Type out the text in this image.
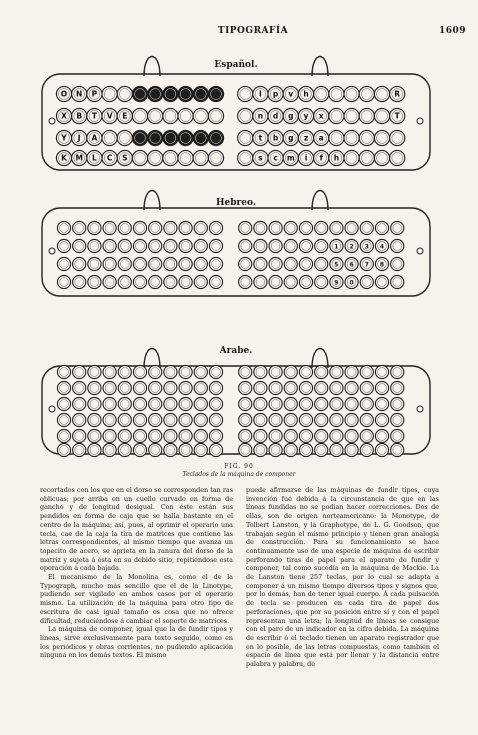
TIPOGRAFÍA	1609
O N P	I p v h	R
X B T V E	n d g y x	T
Y J A	t b g z a
K M L C S	s c m i f h
1 2 3 4
5 6 7 8
9 0
Español.
Hebreo.
Arabe.
FIG. 90
Teclados de la máquina de componer

recortados con los que en el dorso se corresponden tan ras oblicuas; por arriba en un cuello curvado en forma de gancho y de longitud desigual. Con éste están sus pendidos en forma de caja que se halla bastante en el centro de la máquina; así, pues, al oprimir el operario una tecla, cae de la caja la tira de matrices que contiene las letras correspondientes, al mismo tiempo que avanza un topecito de acero, se aprieta en la ranura del dorso de la matriz y sujeta á ésta en su debido sitio, repitiéndose esta operación á cada bajada.

El mecanismo de la Monolina es, como el de la Typograph, mucho más sencillo que el de la Linotype, pudiendo ser vigilado en ambos casos por el operario mismo. La utilización de la máquina para otro tipo de escritura de casi igual tamaño es cosa que no ofrece dificultad, reduciéndose á cambiar el soporte de matrices.

La máquina de componer, igual que la de fundir tipos y líneas, sirve exclusivamente para texto seguido, como en los periódicos y obras corrientes, no pudiendo aplicación ninguna en los demás textos. El mismo

puede afirmarse de las máquinas de fundir tipos, cuya invención fué debida á la circunstancia de que en las líneas fundidas no se podían hacer correcciones. Dos de ellas, son de origen norteamericano: la Monotype, de Tolbert Lanston, y la Graphotype, de L. G. Goodson, que trabajan según el mismo principio y tienen gran analogía de construcción. Para su funcionamiento se hace continuamente uso de una especie de máquina de escribir perforando tiras de papel para el aparato de fundir y componer, tal como sucedía en la máquina de Mackie. La de Lanston tiene 257 teclas, por lo cual se adapta á componer á un mismo tiempo diversos tipos y signos que, por lo demás, han de tener igual cuerpo. Á cada pulsación de tecla se producen en cada tira de papel dos perforaciones, que por su posición entre sí y con el papel representan una letra; la longitud de líneas se consigue con el paro de un indicador en la cifra debida. La máquina de escribir ó el teclado tienen un aparato registrador que en lo posible, de las letras compuestas, como también el espacio de línea que está por llenar y la distancia entre palabra y palabra, de
